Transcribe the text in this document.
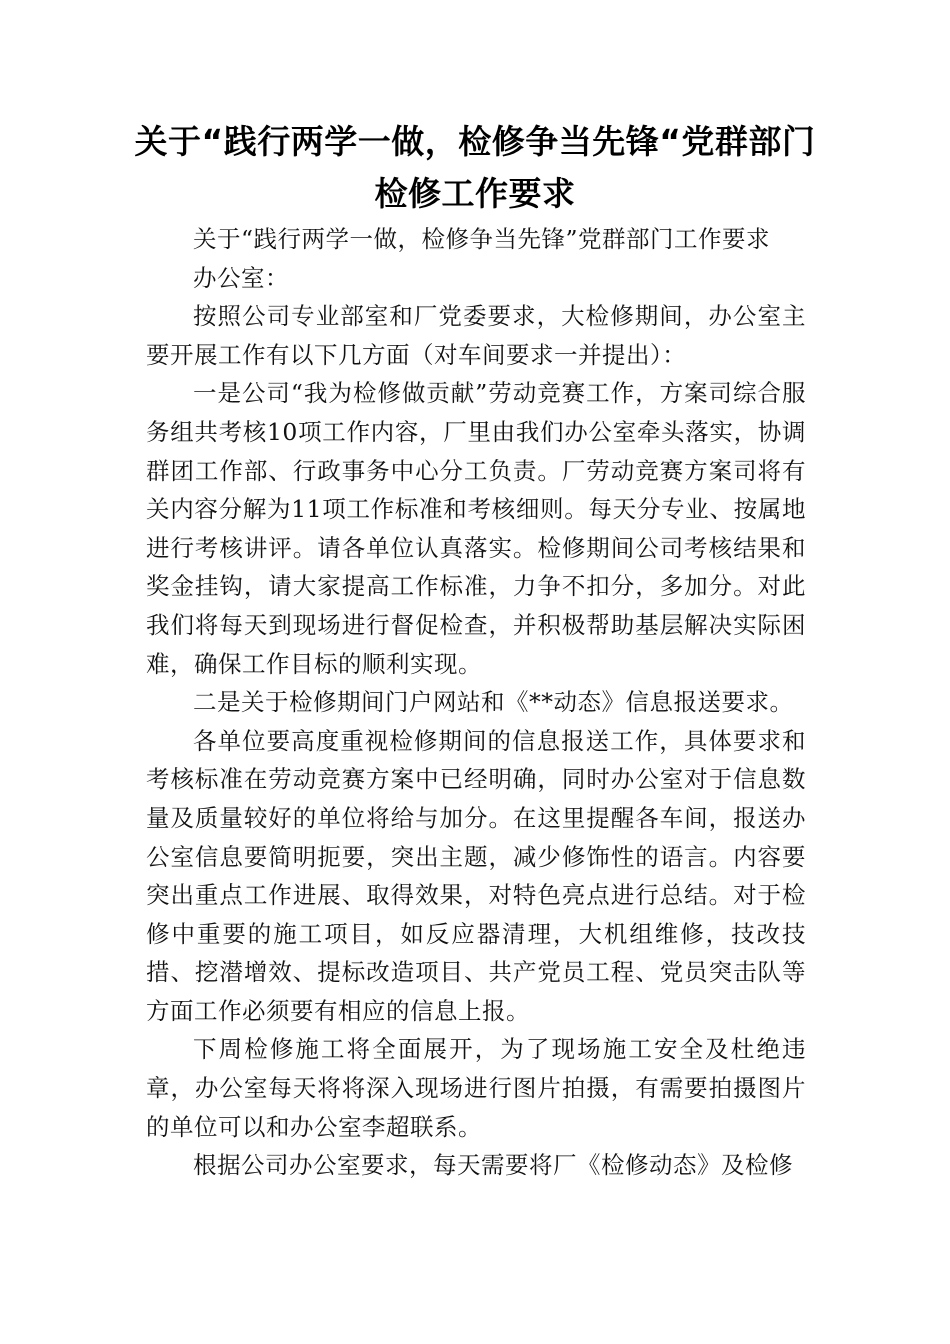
关于“践行两学一做，检修争当先锋“党群部门检修工作要求

关于“践行两学一做，检修争当先锋”党群部门工作要求

办公室：

按照公司专业部室和厂党委要求，大检修期间，办公室主要开展工作有以下几方面（对车间要求一并提出）：

一是公司“我为检修做贡献”劳动竞赛工作，方案司综合服务组共考核10项工作内容，厂里由我们办公室牵头落实，协调群团工作部、行政事务中心分工负责。厂劳动竞赛方案司将有关内容分解为11项工作标准和考核细则。每天分专业、按属地进行考核讲评。请各单位认真落实。检修期间公司考核结果和奖金挂钩，请大家提高工作标准，力争不扣分，多加分。对此我们将每天到现场进行督促检查，并积极帮助基层解决实际困难，确保工作目标的顺利实现。

二是关于检修期间门户网站和《**动态》信息报送要求。

各单位要高度重视检修期间的信息报送工作，具体要求和考核标准在劳动竞赛方案中已经明确，同时办公室对于信息数量及质量较好的单位将给与加分。在这里提醒各车间，报送办公室信息要简明扼要，突出主题，减少修饰性的语言。内容要突出重点工作进展、取得效果，对特色亮点进行总结。对于检修中重要的施工项目，如反应器清理，大机组维修，技改技措、挖潜增效、提标改造项目、共产党员工程、党员突击队等方面工作必须要有相应的信息上报。

下周检修施工将全面展开，为了现场施工安全及杜绝违章，办公室每天将将深入现场进行图片拍摄，有需要拍摄图片的单位可以和办公室李超联系。

根据公司办公室要求，每天需要将厂《检修动态》及检修
